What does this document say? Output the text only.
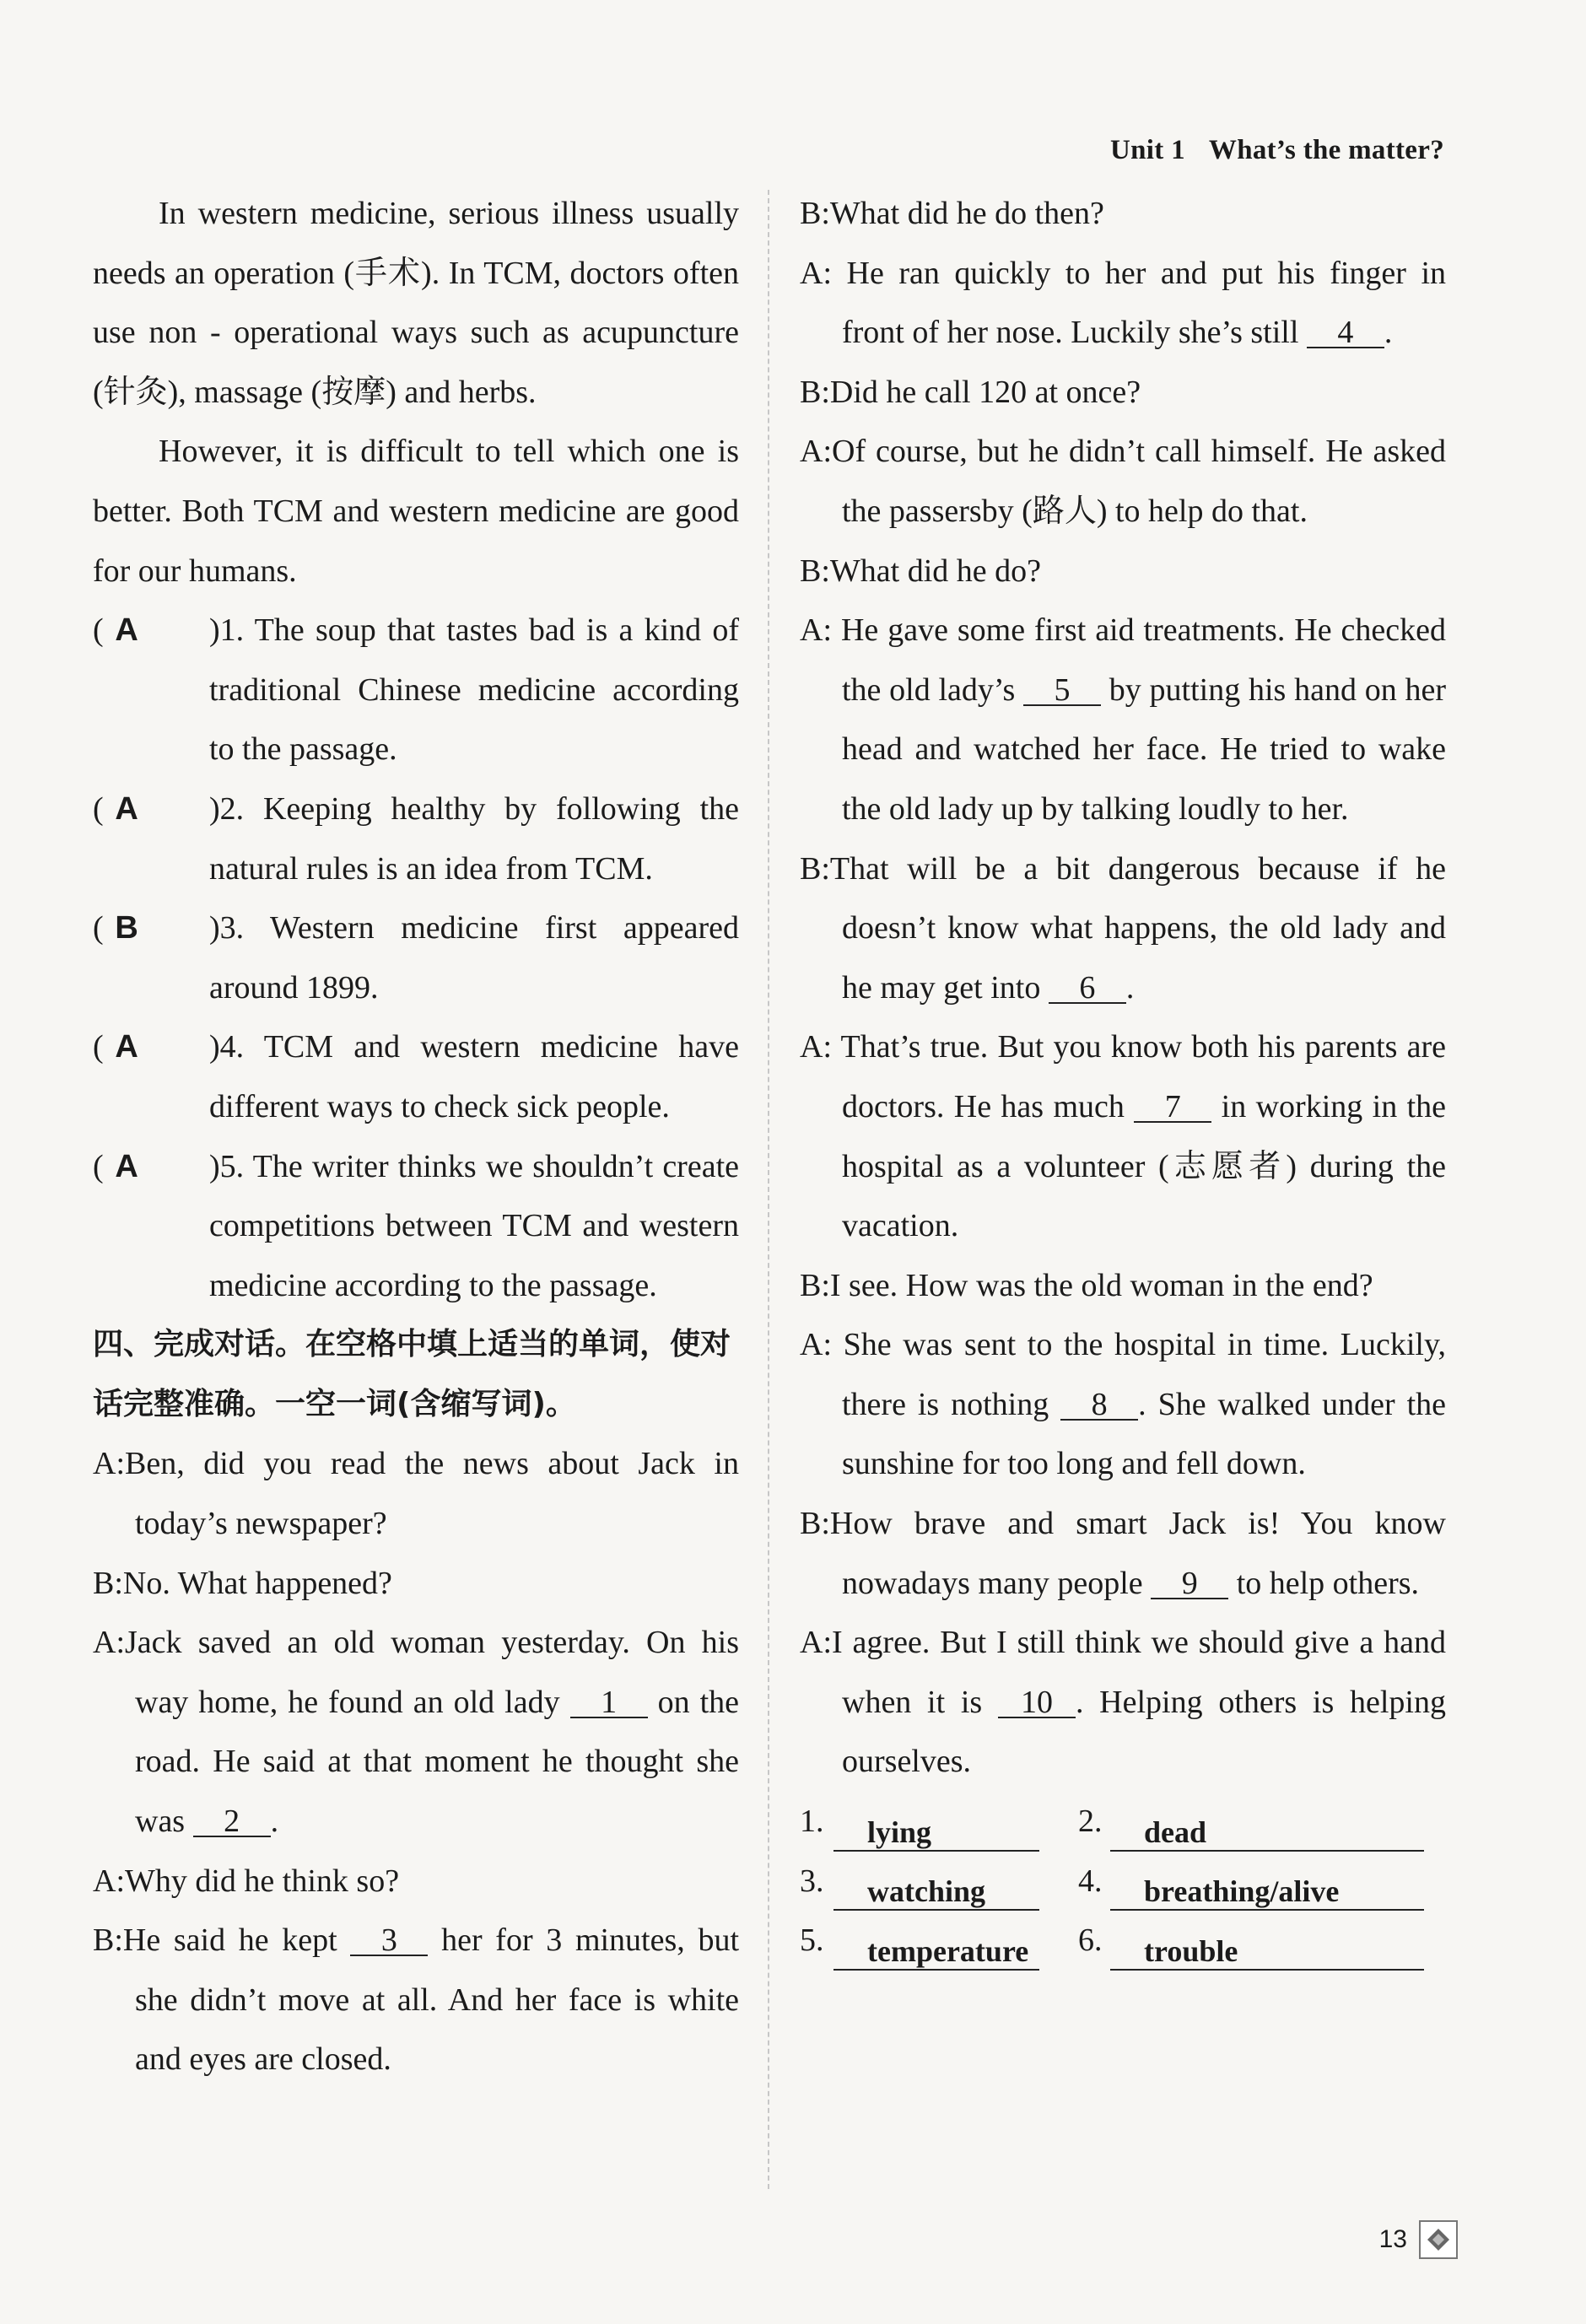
Unit 1 What’s the matter?

In western medicine, serious illness usually needs an operation (手术). In TCM, doctors often use non - operational ways such as acupuncture (针灸), massage (按摩) and herbs.

However, it is difficult to tell which one is better. Both TCM and western medicine are good for our humans.

( A )1. The soup that tastes bad is a kind of traditional Chinese medicine according to the passage.
( A )2. Keeping healthy by following the natural rules is an idea from TCM.
( B )3. Western medicine first appeared around 1899.
( A )4. TCM and western medicine have different ways to check sick people.
( A )5. The writer thinks we shouldn’t create competitions between TCM and western medicine according to the passage.
四、完成对话。在空格中填上适当的单词，使对话完整准确。一空一词(含缩写词)。
A:Ben, did you read the news about Jack in today’s newspaper?
B:No. What happened?
A:Jack saved an old woman yesterday. On his way home, he found an old lady 1 on the road. He said at that moment he thought she was 2 .
A:Why did he think so?
B:He said he kept 3 her for 3 minutes, but she didn’t move at all. And her face is white and eyes are closed.
B:What did he do then?
A: He ran quickly to her and put his finger in front of her nose. Luckily she’s still 4 .
B:Did he call 120 at once?
A:Of course, but he didn’t call himself. He asked the passersby (路人) to help do that.
B:What did he do?
A: He gave some first aid treatments. He checked the old lady’s 5 by putting his hand on her head and watched her face. He tried to wake the old lady up by talking loudly to her.
B:That will be a bit dangerous because if he doesn’t know what happens, the old lady and he may get into 6 .
A: That’s true. But you know both his parents are doctors. He has much 7 in working in the hospital as a volunteer (志愿者) during the vacation.
B:I see. How was the old woman in the end?
A: She was sent to the hospital in time. Luckily, there is nothing 8 . She walked under the sunshine for too long and fell down.
B:How brave and smart Jack is! You know nowadays many people 9 to help others.
A:I agree. But I still think we should give a hand when it is 10 . Helping others is helping ourselves.
1.	lying	2.	dead
3.	watching	4.	breathing/alive
5.	temperature	6.	trouble
13
